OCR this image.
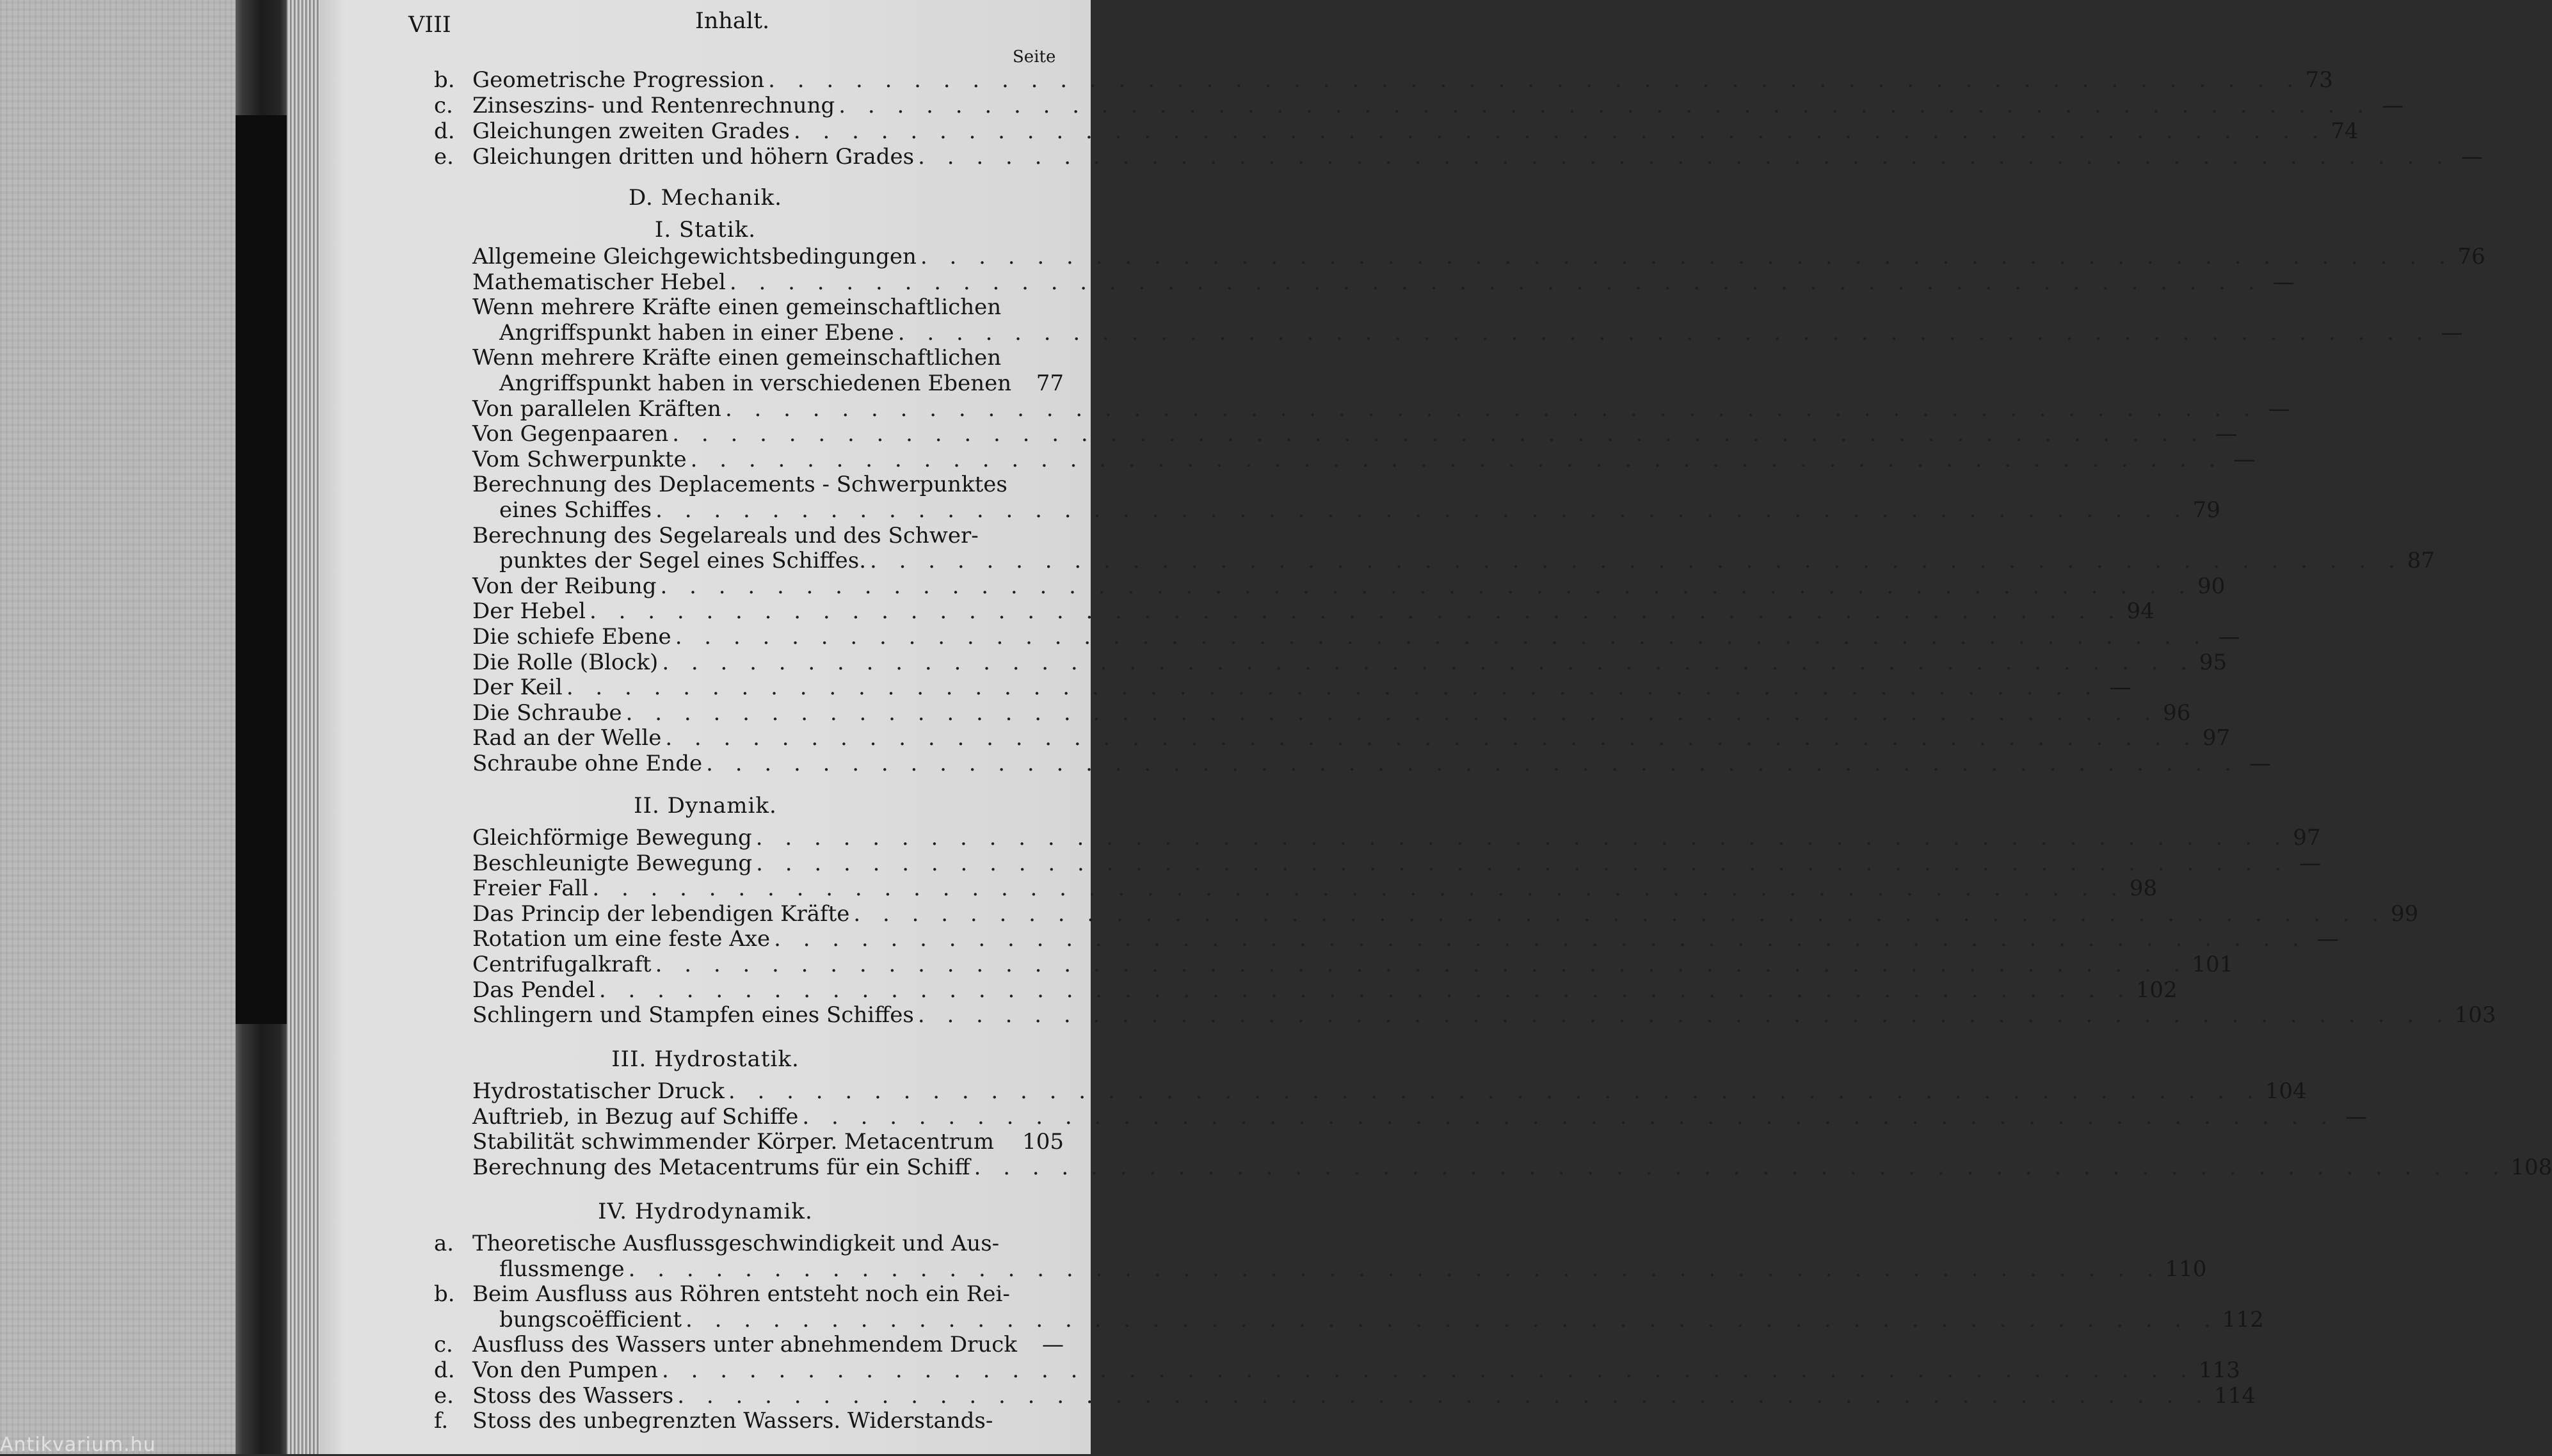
VIII	Inhalt.
Seite
b. Geometrische Progression . . . . . . . . . . . . . . . . . . . . . . . . . . . . . . . . . . . . . . . . . . . . . . . . . . . . . 73
c. Zinseszins- und Rentenrechnung . . . . . . . . . . . . . . . . . . . . . . . . . . . . . . . . . . . . . . . . . . . . . . . . . . . . . —
d. Gleichungen zweiten Grades . . . . . . . . . . . . . . . . . . . . . . . . . . . . . . . . . . . . . . . . . . . . . . . . . . . . . 74
e. Gleichungen dritten und höhern Grades . . . . . . . . . . . . . . . . . . . . . . . . . . . . . . . . . . . . . . . . . . . . . . . . . . . . . —
D. Mechanik.
I. Statik.
Allgemeine Gleichgewichtsbedingungen . . . . . . . . . . . . . . . . . . . . . . . . . . . . . . . . . . . . . . . . . . . . . . . . . . . . . 76
Mathematischer Hebel . . . . . . . . . . . . . . . . . . . . . . . . . . . . . . . . . . . . . . . . . . . . . . . . . . . . . —
Wenn mehrere Kräfte einen gemeinschaftlichen
Angriffspunkt haben in einer Ebene . . . . . . . . . . . . . . . . . . . . . . . . . . . . . . . . . . . . . . . . . . . . . . . . . . . . . —
Wenn mehrere Kräfte einen gemeinschaftlichen
Angriffspunkt haben in verschiedenen Ebenen 77
Von parallelen Kräften . . . . . . . . . . . . . . . . . . . . . . . . . . . . . . . . . . . . . . . . . . . . . . . . . . . . . —
Von Gegenpaaren . . . . . . . . . . . . . . . . . . . . . . . . . . . . . . . . . . . . . . . . . . . . . . . . . . . . . —
Vom Schwerpunkte . . . . . . . . . . . . . . . . . . . . . . . . . . . . . . . . . . . . . . . . . . . . . . . . . . . . . —
Berechnung des Deplacements - Schwerpunktes
eines Schiffes . . . . . . . . . . . . . . . . . . . . . . . . . . . . . . . . . . . . . . . . . . . . . . . . . . . . . 79
Berechnung des Segelareals und des Schwer-
punktes der Segel eines Schiffes. . . . . . . . . . . . . . . . . . . . . . . . . . . . . . . . . . . . . . . . . . . . . . . . . . . . . . 87
Von der Reibung . . . . . . . . . . . . . . . . . . . . . . . . . . . . . . . . . . . . . . . . . . . . . . . . . . . . . 90
Der Hebel . . . . . . . . . . . . . . . . . . . . . . . . . . . . . . . . . . . . . . . . . . . . . . . . . . . . . 94
Die schiefe Ebene . . . . . . . . . . . . . . . . . . . . . . . . . . . . . . . . . . . . . . . . . . . . . . . . . . . . . —
Die Rolle (Block) . . . . . . . . . . . . . . . . . . . . . . . . . . . . . . . . . . . . . . . . . . . . . . . . . . . . . 95
Der Keil . . . . . . . . . . . . . . . . . . . . . . . . . . . . . . . . . . . . . . . . . . . . . . . . . . . . . —
Die Schraube . . . . . . . . . . . . . . . . . . . . . . . . . . . . . . . . . . . . . . . . . . . . . . . . . . . . . 96
Rad an der Welle . . . . . . . . . . . . . . . . . . . . . . . . . . . . . . . . . . . . . . . . . . . . . . . . . . . . . 97
Schraube ohne Ende . . . . . . . . . . . . . . . . . . . . . . . . . . . . . . . . . . . . . . . . . . . . . . . . . . . . . —
II. Dynamik.
Gleichförmige Bewegung . . . . . . . . . . . . . . . . . . . . . . . . . . . . . . . . . . . . . . . . . . . . . . . . . . . . . 97
Beschleunigte Bewegung . . . . . . . . . . . . . . . . . . . . . . . . . . . . . . . . . . . . . . . . . . . . . . . . . . . . . —
Freier Fall . . . . . . . . . . . . . . . . . . . . . . . . . . . . . . . . . . . . . . . . . . . . . . . . . . . . . 98
Das Princip der lebendigen Kräfte . . . . . . . . . . . . . . . . . . . . . . . . . . . . . . . . . . . . . . . . . . . . . . . . . . . . . 99
Rotation um eine feste Axe . . . . . . . . . . . . . . . . . . . . . . . . . . . . . . . . . . . . . . . . . . . . . . . . . . . . . —
Centrifugalkraft . . . . . . . . . . . . . . . . . . . . . . . . . . . . . . . . . . . . . . . . . . . . . . . . . . . . . 101
Das Pendel . . . . . . . . . . . . . . . . . . . . . . . . . . . . . . . . . . . . . . . . . . . . . . . . . . . . . 102
Schlingern und Stampfen eines Schiffes . . . . . . . . . . . . . . . . . . . . . . . . . . . . . . . . . . . . . . . . . . . . . . . . . . . . . 103
III. Hydrostatik.
Hydrostatischer Druck . . . . . . . . . . . . . . . . . . . . . . . . . . . . . . . . . . . . . . . . . . . . . . . . . . . . . 104
Auftrieb, in Bezug auf Schiffe . . . . . . . . . . . . . . . . . . . . . . . . . . . . . . . . . . . . . . . . . . . . . . . . . . . . . —
Stabilität schwimmender Körper. Metacentrum 105
Berechnung des Metacentrums für ein Schiff . . . . . . . . . . . . . . . . . . . . . . . . . . . . . . . . . . . . . . . . . . . . . . . . . . . . . 108
IV. Hydrodynamik.
a. Theoretische Ausflussgeschwindigkeit und Aus-
flussmenge . . . . . . . . . . . . . . . . . . . . . . . . . . . . . . . . . . . . . . . . . . . . . . . . . . . . . 110
b. Beim Ausfluss aus Röhren entsteht noch ein Rei-
bungscoëfficient . . . . . . . . . . . . . . . . . . . . . . . . . . . . . . . . . . . . . . . . . . . . . . . . . . . . . 112
c. Ausfluss des Wassers unter abnehmendem Druck —
d. Von den Pumpen . . . . . . . . . . . . . . . . . . . . . . . . . . . . . . . . . . . . . . . . . . . . . . . . . . . . . 113
e. Stoss des Wassers . . . . . . . . . . . . . . . . . . . . . . . . . . . . . . . . . . . . . . . . . . . . . . . . . . . . . 114
f. Stoss des unbegrenzten Wassers. Widerstands-
Antikvarium.hu
